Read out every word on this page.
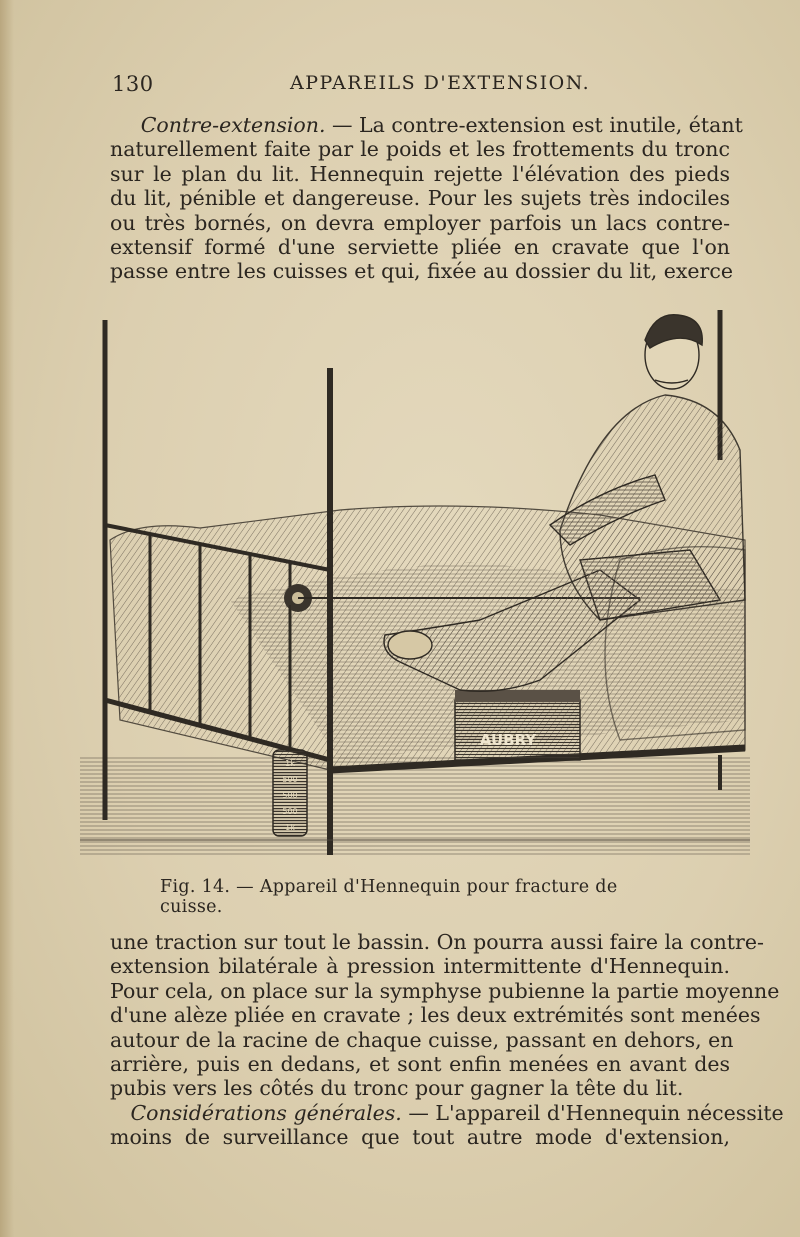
130	APPAREILS D'EXTENSION.
  Contre-extension. — La contre-extension est inutile, étant
naturellement faite par le poids et les frottements du tronc
sur le plan du lit. Hennequin rejette l'élévation des pieds
du lit, pénible et dangereuse. Pour les sujets très indociles
ou très bornés, on devra employer parfois un lacs contre-
extensif formé d'une serviette pliée en cravate que l'on
passe entre les cuisses et qui, fixée au dossier du lit, exerce
1k
500
500
500
1k
AUBRY
Fig. 14. — Appareil d'Hennequin pour fracture de cuisse.
une traction sur tout le bassin. On pourra aussi faire la contre-
extension bilatérale à pression intermittente d'Hennequin.
Pour cela, on place sur la symphyse pubienne la partie moyenne
d'une alèze pliée en cravate ; les deux extrémités sont menées
autour de la racine de chaque cuisse, passant en dehors, en
arrière, puis en dedans, et sont enfin menées en avant des
pubis vers les côtés du tronc pour gagner la tête du lit.
 Considérations générales. — L'appareil d'Hennequin nécessite
moins de surveillance que tout autre mode d'extension,
